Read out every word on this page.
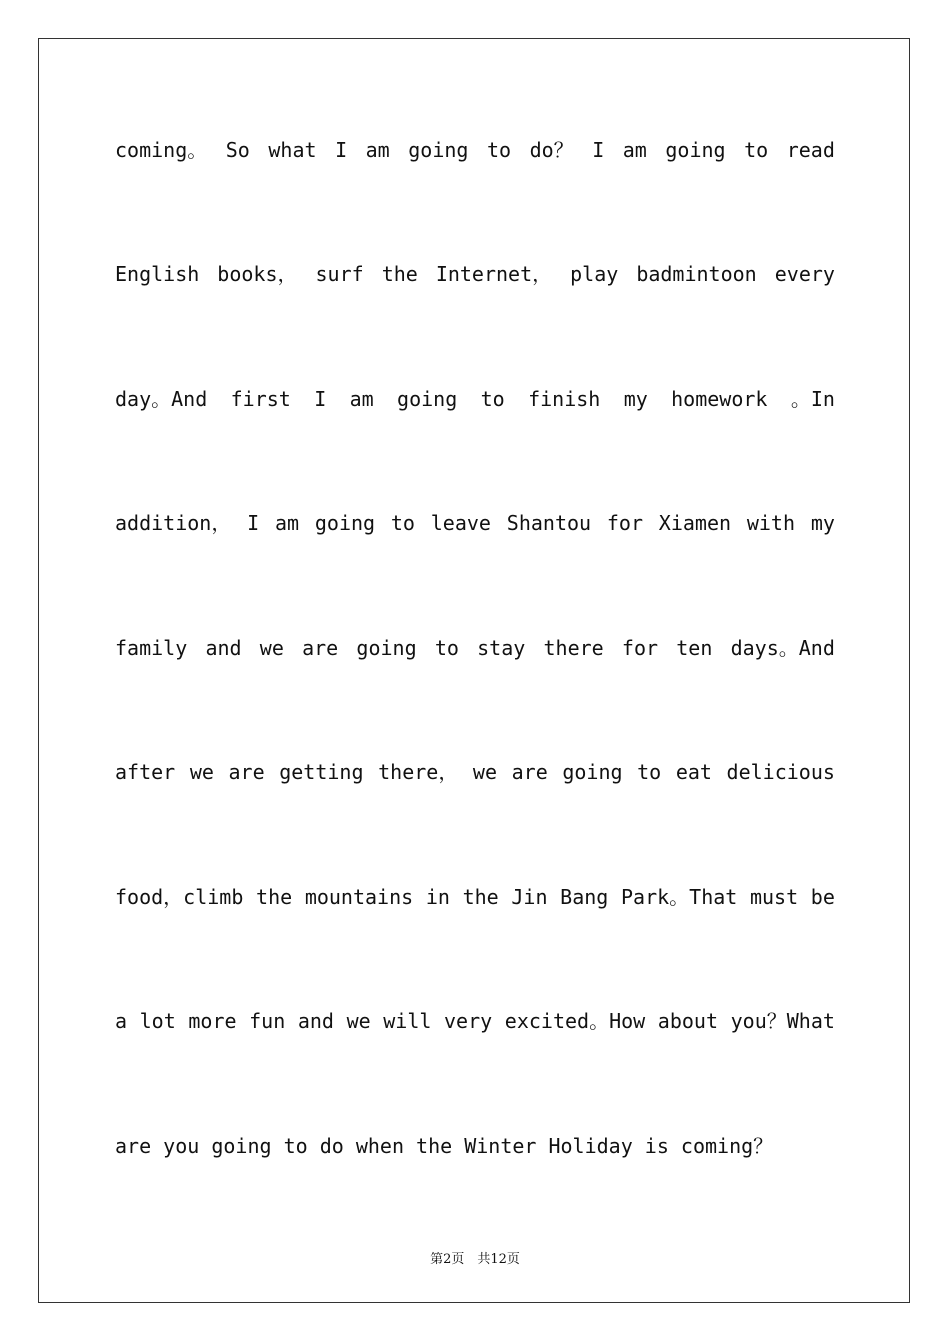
coming。 So what I am going to do？ I am going to read
English books， surf the Internet， play badmintoon every
day。And first I am going to finish my homework 。In
addition， I am going to leave Shantou for Xiamen with my
family and we are going to stay there for ten days。And
after we are getting there， we are going to eat delicious
food，climb the mountains in the Jin Bang Park。That must be
a lot more fun and we will very excited。How about you？What
are you going to do when the Winter Holiday is coming？
第2页　共12页
